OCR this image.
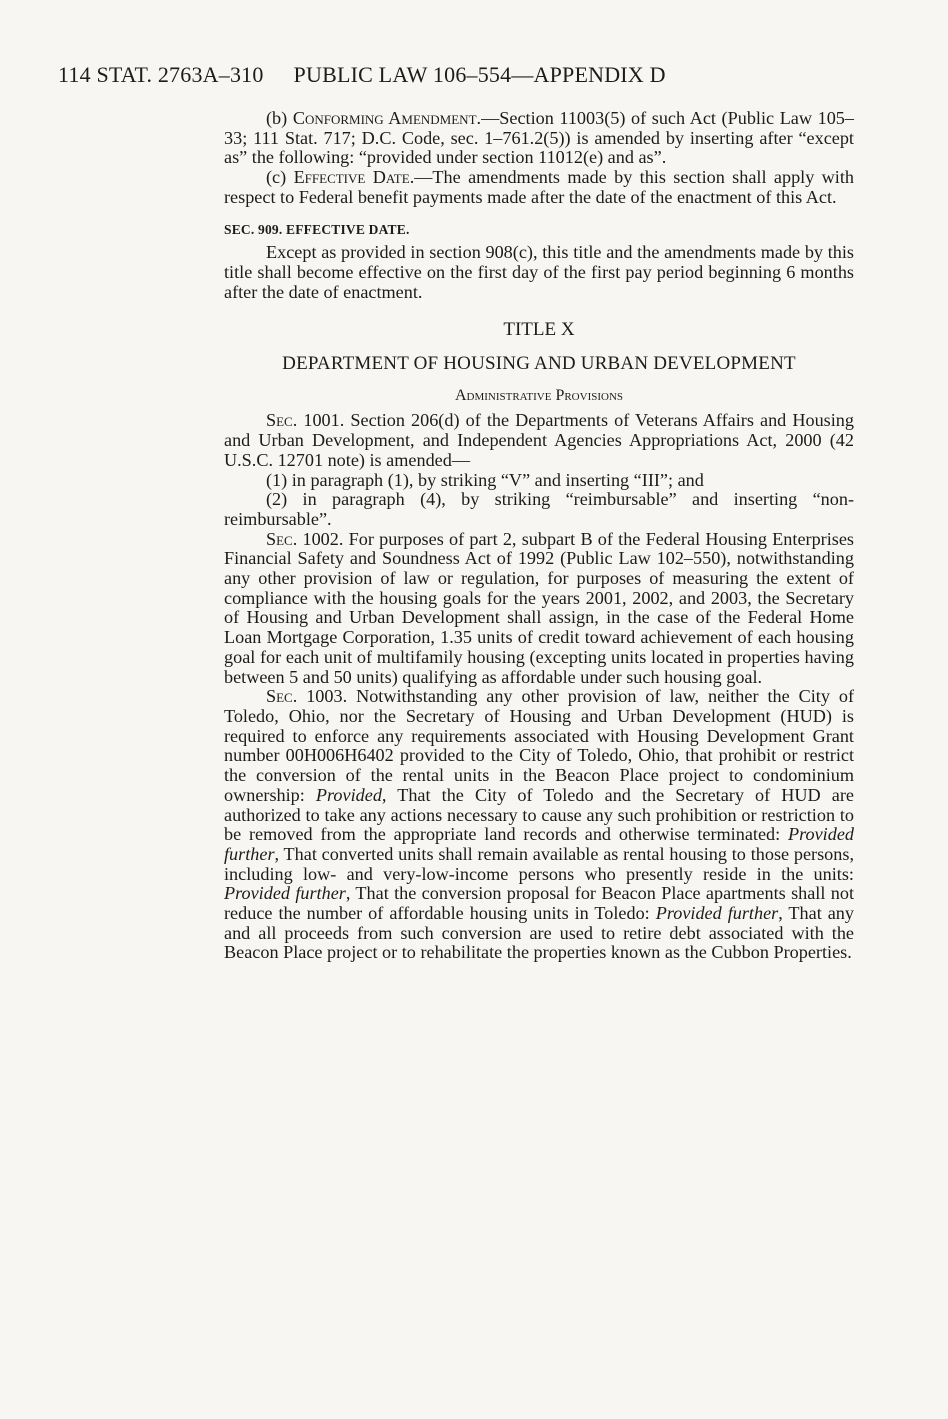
114 STAT. 2763A–310 PUBLIC LAW 106–554—APPENDIX D

(b) Conforming Amendment.—Section 11003(5) of such Act (Public Law 105–33; 111 Stat. 717; D.C. Code, sec. 1–761.2(5)) is amended by inserting after “except as” the following: “provided under section 11012(e) and as”.

(c) Effective Date.—The amendments made by this section shall apply with respect to Federal benefit payments made after the date of the enactment of this Act.

SEC. 909. EFFECTIVE DATE.

Except as provided in section 908(c), this title and the amendments made by this title shall become effective on the first day of the first pay period beginning 6 months after the date of enactment.

TITLE X
DEPARTMENT OF HOUSING AND URBAN DEVELOPMENT
Administrative Provisions

Sec. 1001. Section 206(d) of the Departments of Veterans Affairs and Housing and Urban Development, and Independent Agencies Appropriations Act, 2000 (42 U.S.C. 12701 note) is amended—

(1) in paragraph (1), by striking “V” and inserting “III”; and

(2) in paragraph (4), by striking “reimbursable” and inserting “non-reimbursable”.

Sec. 1002. For purposes of part 2, subpart B of the Federal Housing Enterprises Financial Safety and Soundness Act of 1992 (Public Law 102–550), notwithstanding any other provision of law or regulation, for purposes of measuring the extent of compliance with the housing goals for the years 2001, 2002, and 2003, the Secretary of Housing and Urban Development shall assign, in the case of the Federal Home Loan Mortgage Corporation, 1.35 units of credit toward achievement of each housing goal for each unit of multifamily housing (excepting units located in properties having between 5 and 50 units) qualifying as affordable under such housing goal.

Sec. 1003. Notwithstanding any other provision of law, neither the City of Toledo, Ohio, nor the Secretary of Housing and Urban Development (HUD) is required to enforce any requirements associated with Housing Development Grant number 00H006H6402 provided to the City of Toledo, Ohio, that prohibit or restrict the conversion of the rental units in the Beacon Place project to condominium ownership: Provided, That the City of Toledo and the Secretary of HUD are authorized to take any actions necessary to cause any such prohibition or restriction to be removed from the appropriate land records and otherwise terminated: Provided further, That converted units shall remain available as rental housing to those persons, including low- and very-low-income persons who presently reside in the units: Provided further, That the conversion proposal for Beacon Place apartments shall not reduce the number of affordable housing units in Toledo: Provided further, That any and all proceeds from such conversion are used to retire debt associated with the Beacon Place project or to rehabilitate the properties known as the Cubbon Properties.
